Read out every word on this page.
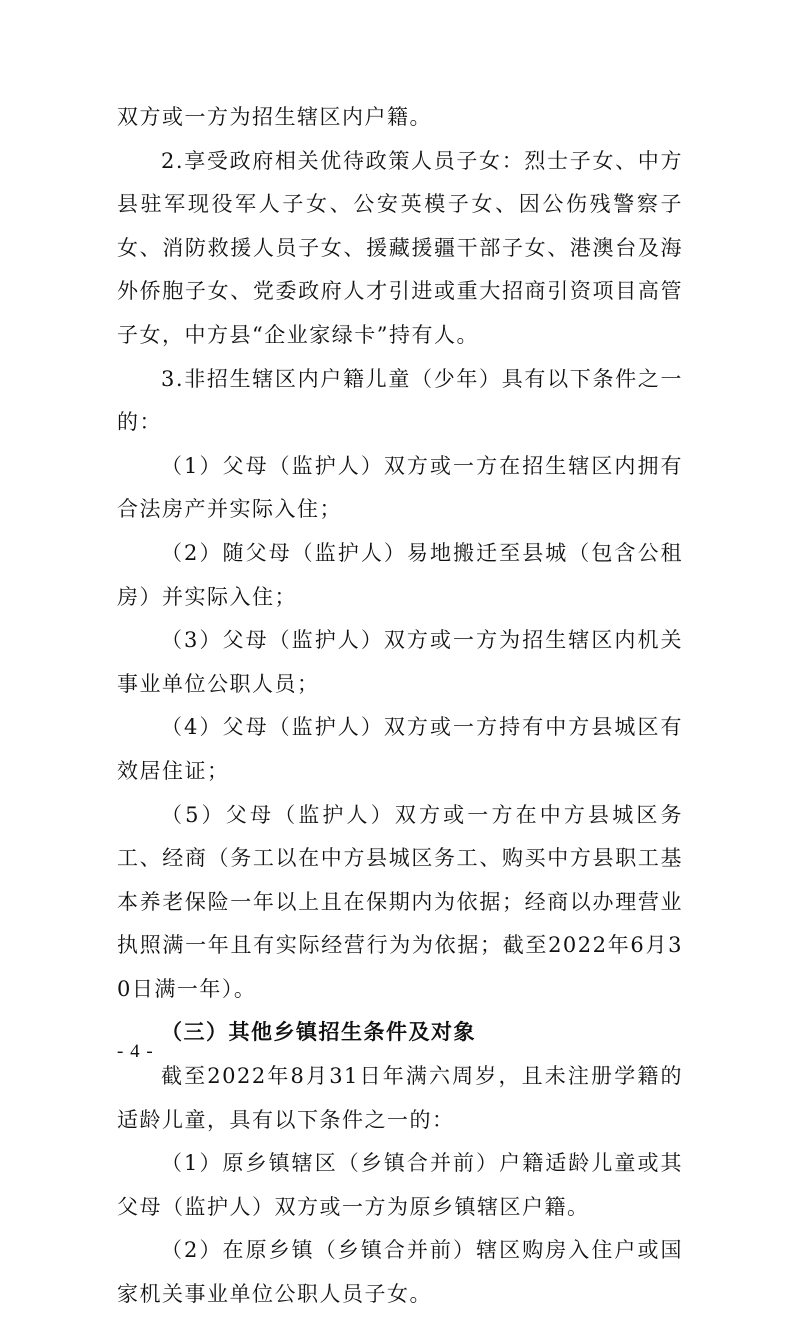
双方或一方为招生辖区内户籍。

2.享受政府相关优待政策人员子女：烈士子女、中方县驻军现役军人子女、公安英模子女、因公伤残警察子女、消防救援人员子女、援藏援疆干部子女、港澳台及海外侨胞子女、党委政府人才引进或重大招商引资项目高管子女，中方县“企业家绿卡”持有人。

3.非招生辖区内户籍儿童（少年）具有以下条件之一的：

（1）父母（监护人）双方或一方在招生辖区内拥有合法房产并实际入住；

（2）随父母（监护人）易地搬迁至县城（包含公租房）并实际入住；

（3）父母（监护人）双方或一方为招生辖区内机关事业单位公职人员；

（4）父母（监护人）双方或一方持有中方县城区有效居住证；

（5）父母（监护人）双方或一方在中方县城区务工、经商（务工以在中方县城区务工、购买中方县职工基本养老保险一年以上且在保期内为依据；经商以办理营业执照满一年且有实际经营行为为依据；截至2022年6月30日满一年）。

（三）其他乡镇招生条件及对象

截至2022年8月31日年满六周岁，且未注册学籍的适龄儿童，具有以下条件之一的：

（1）原乡镇辖区（乡镇合并前）户籍适龄儿童或其父母（监护人）双方或一方为原乡镇辖区户籍。

（2）在原乡镇（乡镇合并前）辖区购房入住户或国家机关事业单位公职人员子女。

- 4 -
